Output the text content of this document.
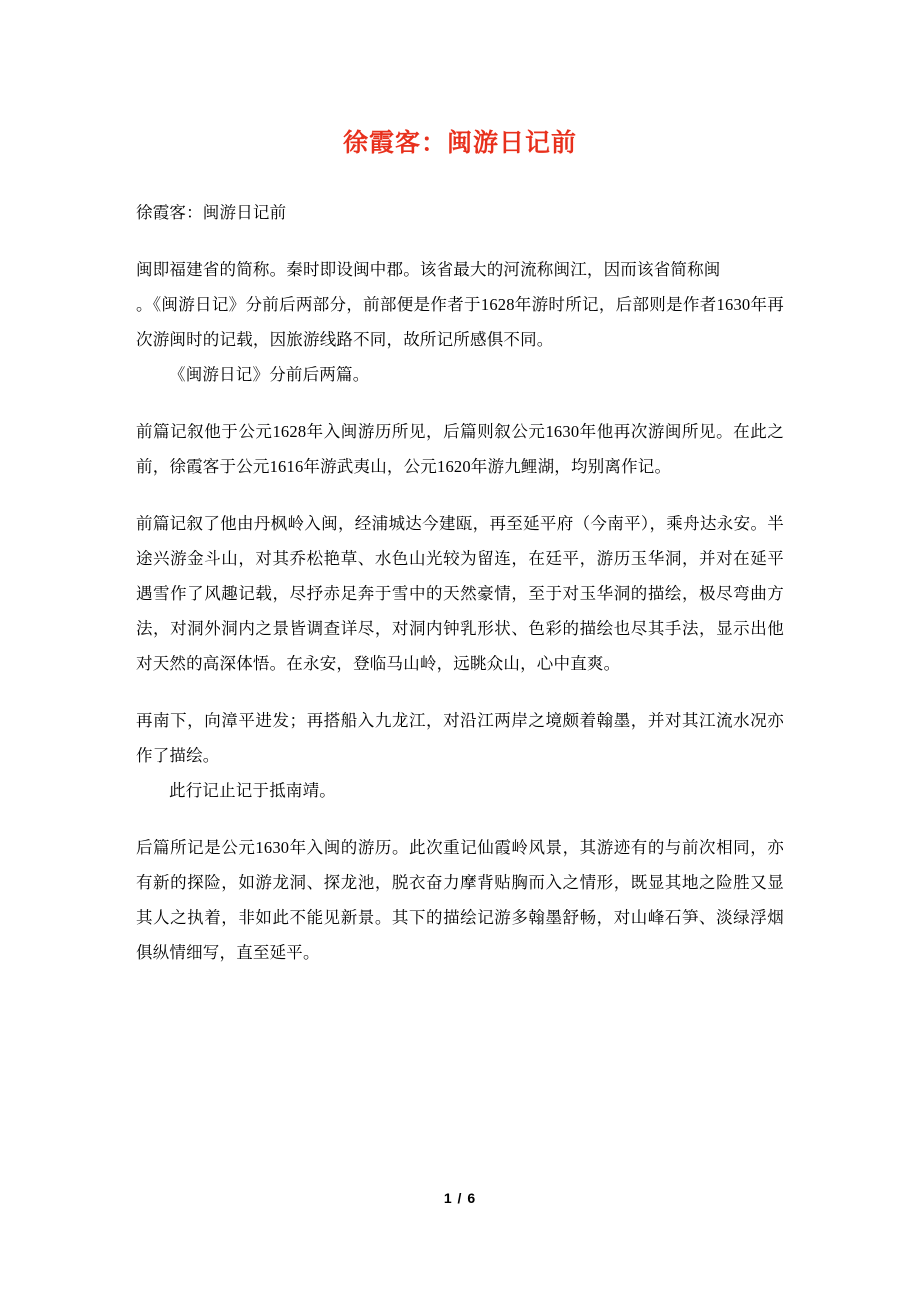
徐霞客：闽游日记前

徐霞客：闽游日记前

闽即福建省的简称。秦时即设闽中郡。该省最大的河流称闽江，因而该省简称闽

。《闽游日记》分前后两部分，前部便是作者于1628年游时所记，后部则是作者1630年再次游闽时的记载，因旅游线路不同，故所记所感俱不同。

《闽游日记》分前后两篇。

前篇记叙他于公元1628年入闽游历所见，后篇则叙公元1630年他再次游闽所见。在此之前，徐霞客于公元1616年游武夷山，公元1620年游九鲤湖，均别离作记。

前篇记叙了他由丹枫岭入闽，经浦城达今建瓯，再至延平府（今南平），乘舟达永安。半途兴游金斗山，对其乔松艳草、水色山光较为留连，在廷平，游历玉华洞，并对在延平遇雪作了风趣记载，尽抒赤足奔于雪中的天然豪情，至于对玉华洞的描绘，极尽弯曲方法，对洞外洞内之景皆调查详尽，对洞内钟乳形状、色彩的描绘也尽其手法，显示出他对天然的高深体悟。在永安，登临马山岭，远眺众山，心中直爽。

再南下，向漳平进发；再搭船入九龙江，对沿江两岸之境颇着翰墨，并对其江流水况亦作了描绘。

此行记止记于抵南靖。

后篇所记是公元1630年入闽的游历。此次重记仙霞岭风景，其游迹有的与前次相同，亦有新的探险，如游龙洞、探龙池，脱衣奋力摩背贴胸而入之情形，既显其地之险胜又显其人之执着，非如此不能见新景。其下的描绘记游多翰墨舒畅，对山峰石笋、淡绿浮烟俱纵情细写，直至延平。

1 / 6
